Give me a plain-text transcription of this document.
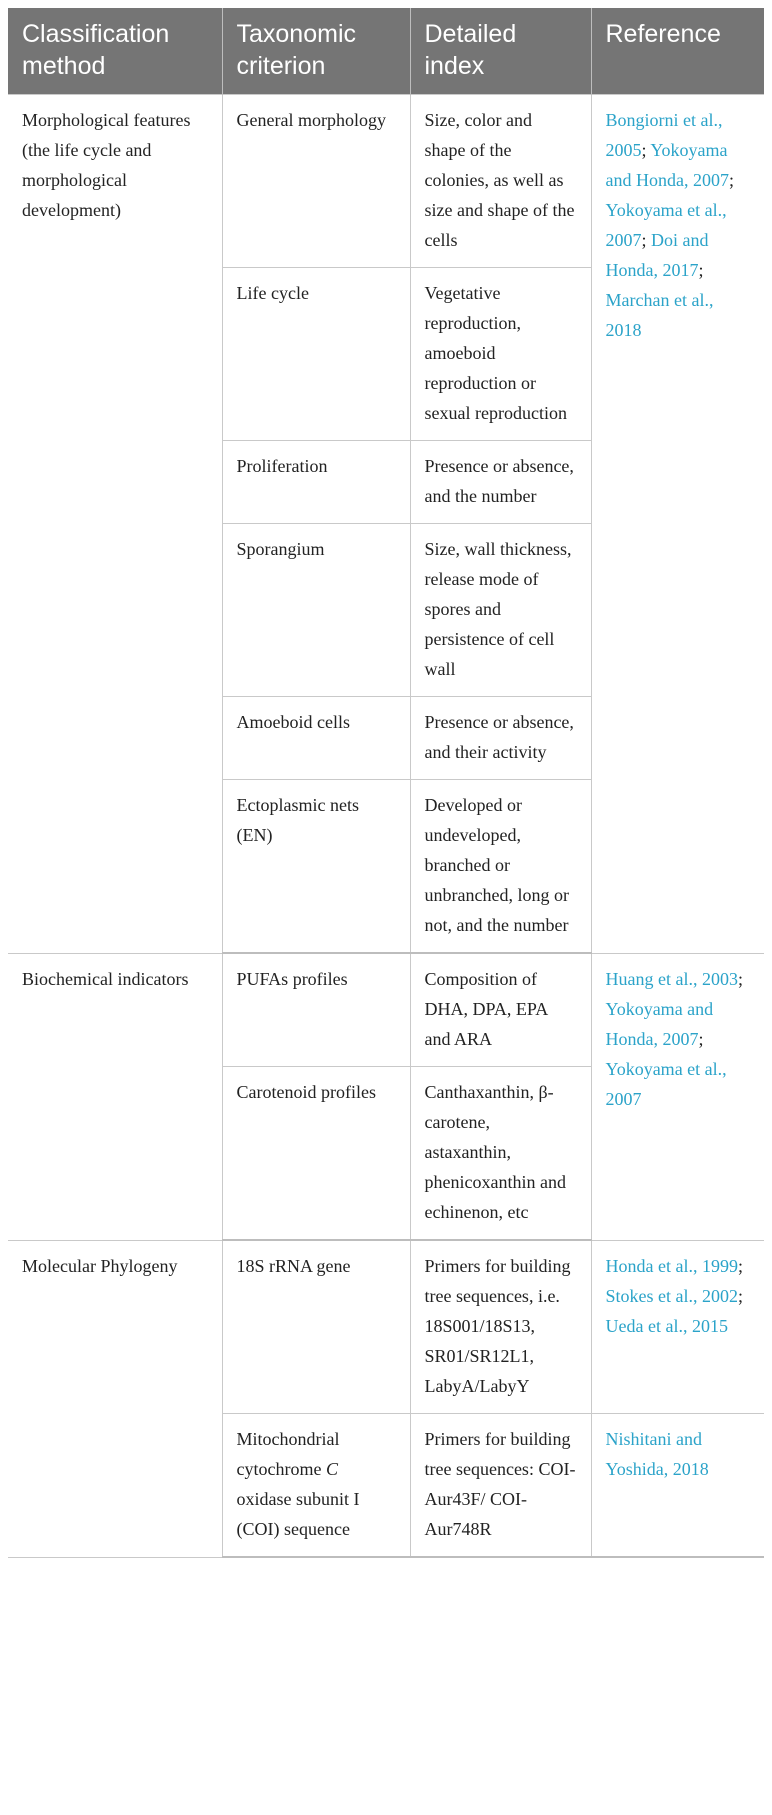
Classification method	Taxonomic criterion	Detailed index	Reference
Morphological features (the life cycle and morphological development)	General morphology	Size, color and shape of the colonies, as well as size and shape of the cells	Bongiorni et al., 2005; Yokoyama and Honda, 2007; Yokoyama et al., 2007; Doi and Honda, 2017; Marchan et al., 2018
	Life cycle	Vegetative reproduction, amoeboid reproduction or sexual reproduction	
	Proliferation	Presence or absence, and the number	
	Sporangium	Size, wall thickness, release mode of spores and persistence of cell wall	
	Amoeboid cells	Presence or absence, and their activity	
	Ectoplasmic nets (EN)	Developed or undeveloped, branched or unbranched, long or not, and the number	
Biochemical indicators	PUFAs profiles	Composition of DHA, DPA, EPA and ARA	Huang et al., 2003; Yokoyama and Honda, 2007; Yokoyama et al., 2007
	Carotenoid profiles	Canthaxanthin, β-carotene, astaxanthin, phenicoxanthin and echinenon, etc	
Molecular Phylogeny	18S rRNA gene	Primers for building tree sequences, i.e. 18S001/18S13, SR01/SR12L1, LabyA/LabyY	Honda et al., 1999; Stokes et al., 2002; Ueda et al., 2015
	Mitochondrial cytochrome C oxidase subunit I (COI) sequence	Primers for building tree sequences: COI-Aur43F/ COI-Aur748R	Nishitani and Yoshida, 2018
